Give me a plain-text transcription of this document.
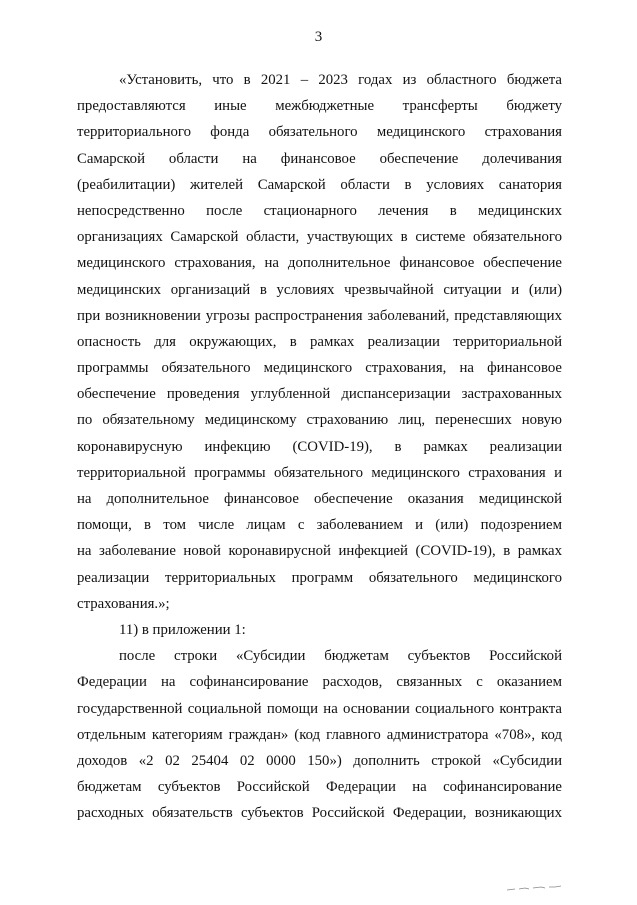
3
«Установить, что в 2021 – 2023 годах из областного бюджета
предоставляются иные межбюджетные трансферты бюджету
территориального фонда обязательного медицинского страхования
Самарской области на финансовое обеспечение долечивания
(реабилитации) жителей Самарской области в условиях санатория
непосредственно после стационарного лечения в медицинских
организациях Самарской области, участвующих в системе обязательного
медицинского страхования, на дополнительное финансовое обеспечение
медицинских организаций в условиях чрезвычайной ситуации и (или)
при возникновении угрозы распространения заболеваний, представляющих
опасность для окружающих, в рамках реализации территориальной
программы обязательного медицинского страхования, на финансовое
обеспечение проведения углубленной диспансеризации застрахованных
по обязательному медицинскому страхованию лиц, перенесших новую
коронавирусную инфекцию (COVID-19), в рамках реализации
территориальной программы обязательного медицинского страхования и
на дополнительное финансовое обеспечение оказания медицинской
помощи, в том числе лицам с заболеванием и (или) подозрением
на заболевание новой коронавирусной инфекцией (COVID-19), в рамках
реализации территориальных программ обязательного медицинского
страхования.»;
11) в приложении 1:
после строки «Субсидии бюджетам субъектов Российской
Федерации на софинансирование расходов, связанных с оказанием
государственной социальной помощи на основании социального контракта
отдельным категориям граждан» (код главного администратора «708», код
доходов «2 02 25404 02 0000 150») дополнить строкой «Субсидии
бюджетам субъектов Российской Федерации на софинансирование
расходных обязательств субъектов Российской Федерации, возникающих
